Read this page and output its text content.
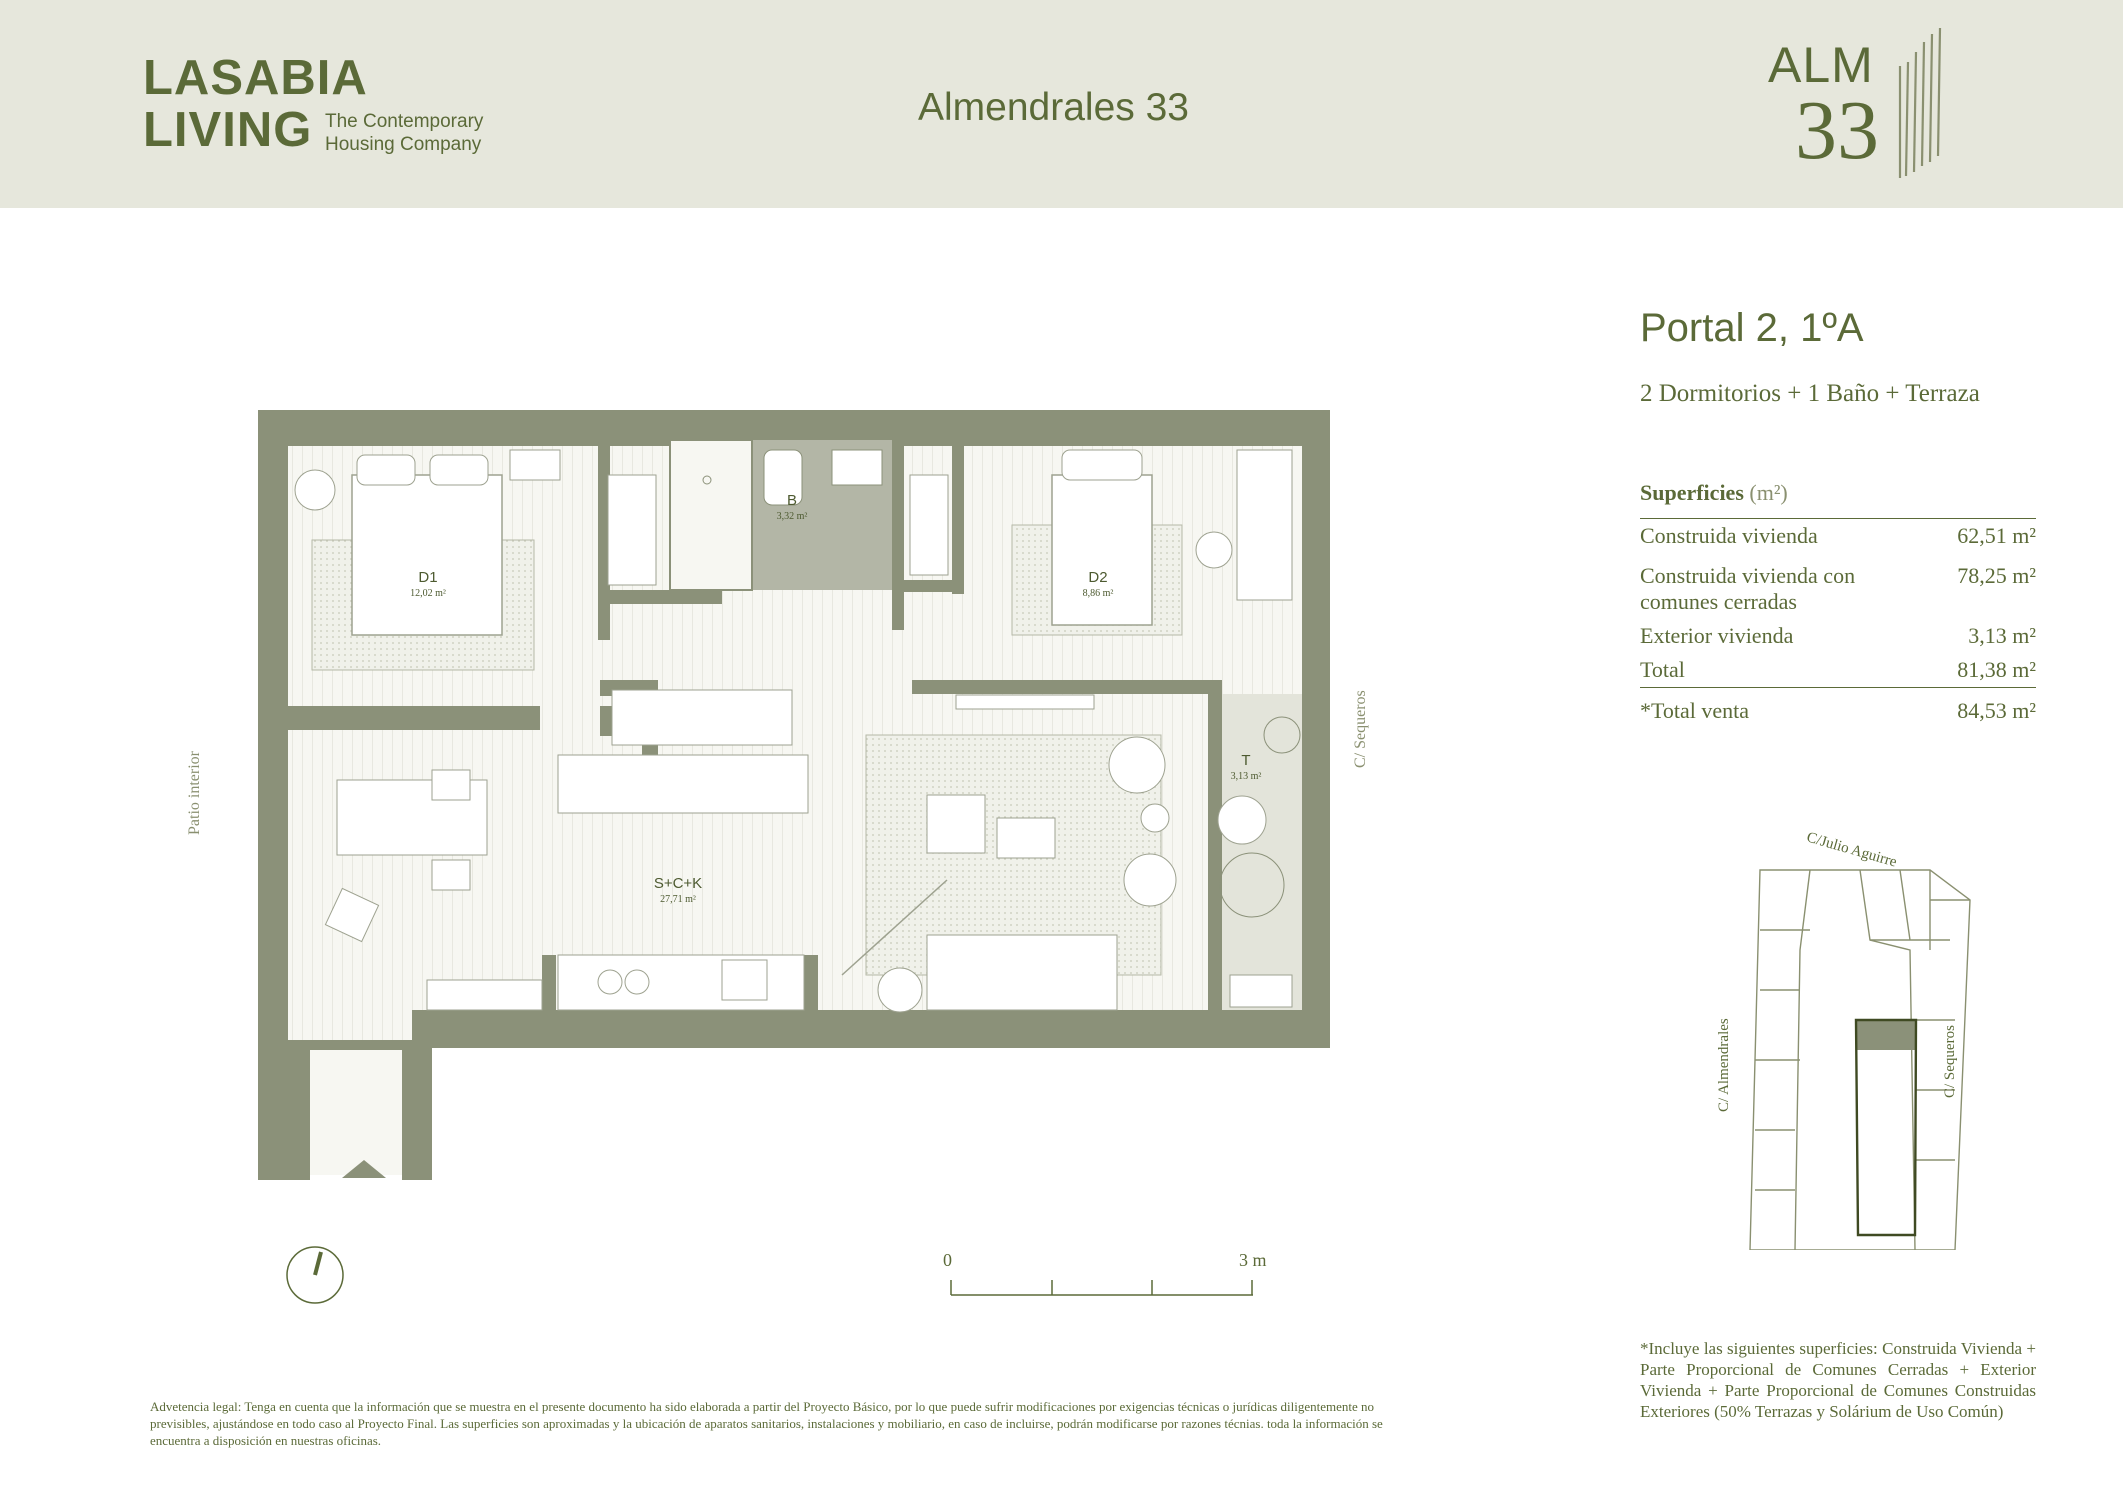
LASABIA
LIVING The Contemporary
Housing Company
Almendrales 33
ALM
33
Patio interior
C/ Sequeros
D1
12,02 m²
B
3,32 m²
D2
8,86 m²
T
3,13 m²
S+C+K
27,71 m²
0	3 m
Portal 2, 1ºA
2 Dormitorios + 1 Baño + Terraza
Superficies (m²)
Construida vivienda	62,51 m²
Construida vivienda con comunes cerradas
78,25 m²
Exterior vivienda	3,13 m²
Total	81,38 m²
*Total venta	84,53 m²
C/Julio Aguirre
C/ Almendrales	C/ Sequeros
*Incluye las siguientes superficies: Construida Vivienda + Parte Proporcional de Comunes Cerradas + Exterior Vivienda + Parte Proporcional de Comunes Construidas Exteriores (50% Terrazas y Solárium de Uso Común)
Advetencia legal: Tenga en cuenta que la información que se muestra en el presente documento ha sido elaborada a partir del Proyecto Básico, por lo que puede sufrir modificaciones por exigencias técnicas o jurídicas diligentemente no previsibles, ajustándose en todo caso al Proyecto Final. Las superficies son aproximadas y la ubicación de aparatos sanitarios, instalaciones y mobiliario, en caso de incluirse, podrán modificarse por razones técnias. toda la información se encuentra a disposición en nuestras oficinas.
